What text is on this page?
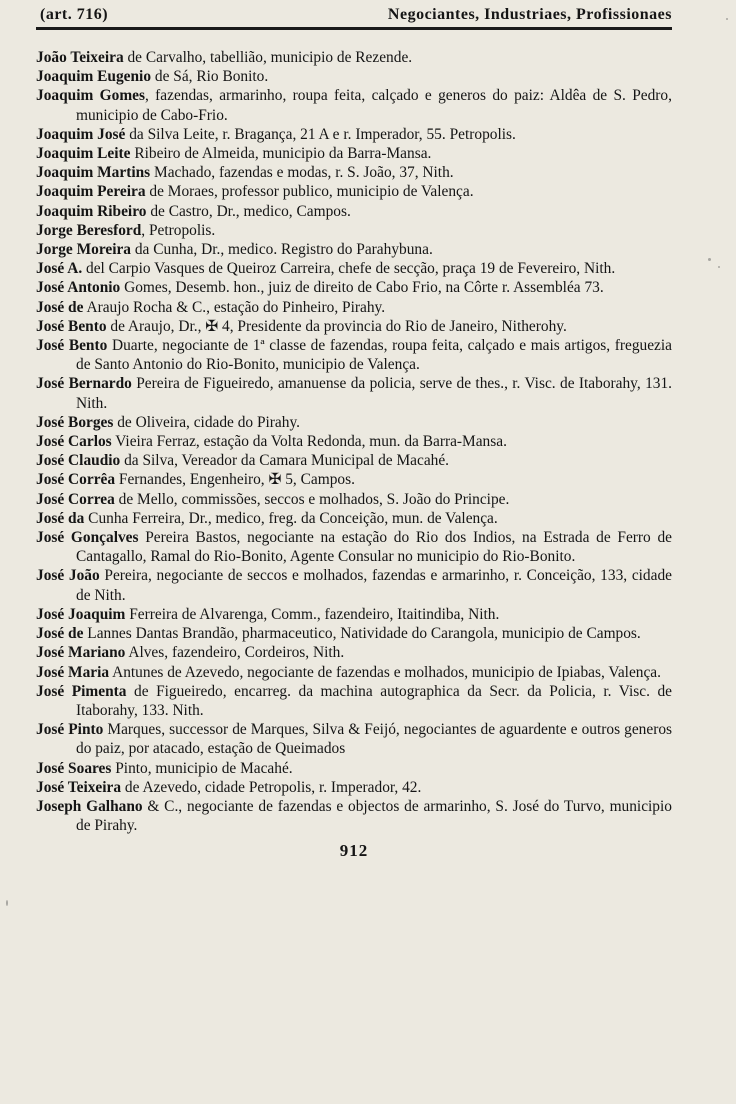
(art. 716)	Negociantes, Industriaes, Profissionaes
João Teixeira de Carvalho, tabellião, municipio de Rezende.
Joaquim Eugenio de Sá, Rio Bonito.
Joaquim Gomes, fazendas, armarinho, roupa feita, calçado e generos do paiz: Aldêa de S. Pedro, municipio de Cabo-Frio.
Joaquim José da Silva Leite, r. Bragança, 21 A e r. Imperador, 55. Petropolis.
Joaquim Leite Ribeiro de Almeida, municipio da Barra-Mansa.
Joaquim Martins Machado, fazendas e modas, r. S. João, 37, Nith.
Joaquim Pereira de Moraes, professor publico, municipio de Valença.
Joaquim Ribeiro de Castro, Dr., medico, Campos.
Jorge Beresford, Petropolis.
Jorge Moreira da Cunha, Dr., medico. Registro do Parahybuna.
José A. del Carpio Vasques de Queiroz Carreira, chefe de secção, praça 19 de Fevereiro, Nith.
José Antonio Gomes, Desemb. hon., juiz de direito de Cabo Frio, na Côrte r. Assembléa 73.
José de Araujo Rocha & C., estação do Pinheiro, Pirahy.
José Bento de Araujo, Dr., ✠ 4, Presidente da provincia do Rio de Janeiro, Nitherohy.
José Bento Duarte, negociante de 1ª classe de fazendas, roupa feita, calçado e mais artigos, freguezia de Santo Antonio do Rio-Bonito, municipio de Valença.
José Bernardo Pereira de Figueiredo, amanuense da policia, serve de thes., r. Visc. de Itaborahy, 131. Nith.
José Borges de Oliveira, cidade do Pirahy.
José Carlos Vieira Ferraz, estação da Volta Redonda, mun. da Barra-Mansa.
José Claudio da Silva, Vereador da Camara Municipal de Macahé.
José Corrêa Fernandes, Engenheiro, ✠ 5, Campos.
José Correa de Mello, commissões, seccos e molhados, S. João do Principe.
José da Cunha Ferreira, Dr., medico, freg. da Conceição, mun. de Valença.
José Gonçalves Pereira Bastos, negociante na estação do Rio dos Indios, na Estrada de Ferro de Cantagallo, Ramal do Rio-Bonito, Agente Consular no municipio do Rio-Bonito.
José João Pereira, negociante de seccos e molhados, fazendas e armarinho, r. Conceição, 133, cidade de Nith.
José Joaquim Ferreira de Alvarenga, Comm., fazendeiro, Itaitindiba, Nith.
José de Lannes Dantas Brandão, pharmaceutico, Natividade do Carangola, municipio de Campos.
José Mariano Alves, fazendeiro, Cordeiros, Nith.
José Maria Antunes de Azevedo, negociante de fazendas e molhados, municipio de Ipiabas, Valença.
José Pimenta de Figueiredo, encarreg. da machina autographica da Secr. da Policia, r. Visc. de Itaborahy, 133. Nith.
José Pinto Marques, successor de Marques, Silva & Feijó, negociantes de aguardente e outros generos do paiz, por atacado, estação de Queimados
José Soares Pinto, municipio de Macahé.
José Teixeira de Azevedo, cidade Petropolis, r. Imperador, 42.
Joseph Galhano & C., negociante de fazendas e objectos de armarinho, S. José do Turvo, municipio de Pirahy.
912
